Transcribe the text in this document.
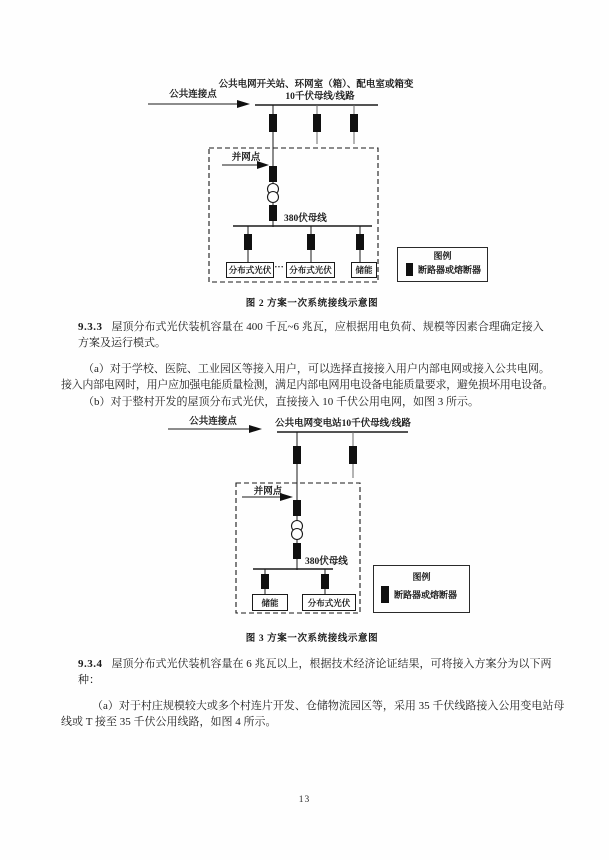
公共电网开关站、环网室（箱）、配电室或箱变
10千伏母线/线路
公共连接点
并网点
380伏母线
分布式光伏 ··· 分布式光伏	储能
图例
断路器或熔断器
图 2 方案一次系统接线示意图
9.3.3 屋顶分布式光伏装机容量在 400 千瓦~6 兆瓦，应根据用电负荷、规模等因素合理确定接入
方案及运行模式。
（a）对于学校、医院、工业园区等接入用户，可以选择直接接入用户内部电网或接入公共电网。
接入内部电网时，用户应加强电能质量检测，满足内部电网用电设备电能质量要求，避免损坏用电设备。
（b）对于整村开发的屋顶分布式光伏，直接接入 10 千伏公用电网，如图 3 所示。
公共连接点	公共电网变电站10千伏母线/线路
并网点
380伏母线
储能	分布式光伏
图例
断路器或熔断器
图 3 方案一次系统接线示意图
9.3.4 屋顶分布式光伏装机容量在 6 兆瓦以上，根据技术经济论证结果，可将接入方案分为以下两
种：
（a）对于村庄规模较大或多个村连片开发、仓储物流园区等，采用 35 千伏线路接入公用变电站母
线或 T 接至 35 千伏公用线路，如图 4 所示。
13
